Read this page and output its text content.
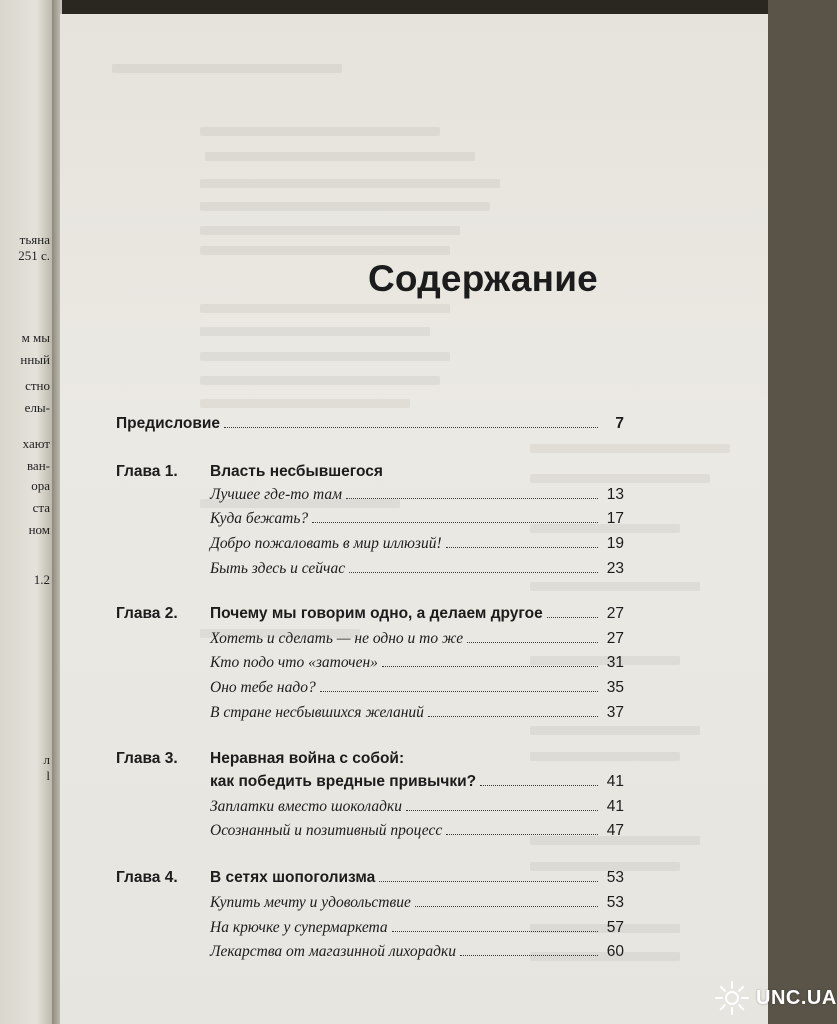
тьяна
251 с.
м мы
нный
стно
елы-
хают
ван-
ора
ста
ном
1.2
л
l
Содержание
Предисловие	7
Глава 1. Власть несбывшегося
Лучшее где-то там	13
Куда бежать?	17
Добро пожаловать в мир иллюзий!	19
Быть здесь и сейчас	23
Глава 2. Почему мы говорим одно, а делаем другое	27
Хотеть и сделать — не одно и то же	27
Кто подо что «заточен»	31
Оно тебе надо?	35
В стране несбывшихся желаний	37
Глава 3. Неравная война с собой:
как победить вредные привычки?	41
Заплатки вместо шоколадки	41
Осознанный и позитивный процесс	47
Глава 4. В сетях шопоголизма	53
Купить мечту и удовольствие	53
На крючке у супермаркета	57
Лекарства от магазинной лихорадки	60
UNC.UA
